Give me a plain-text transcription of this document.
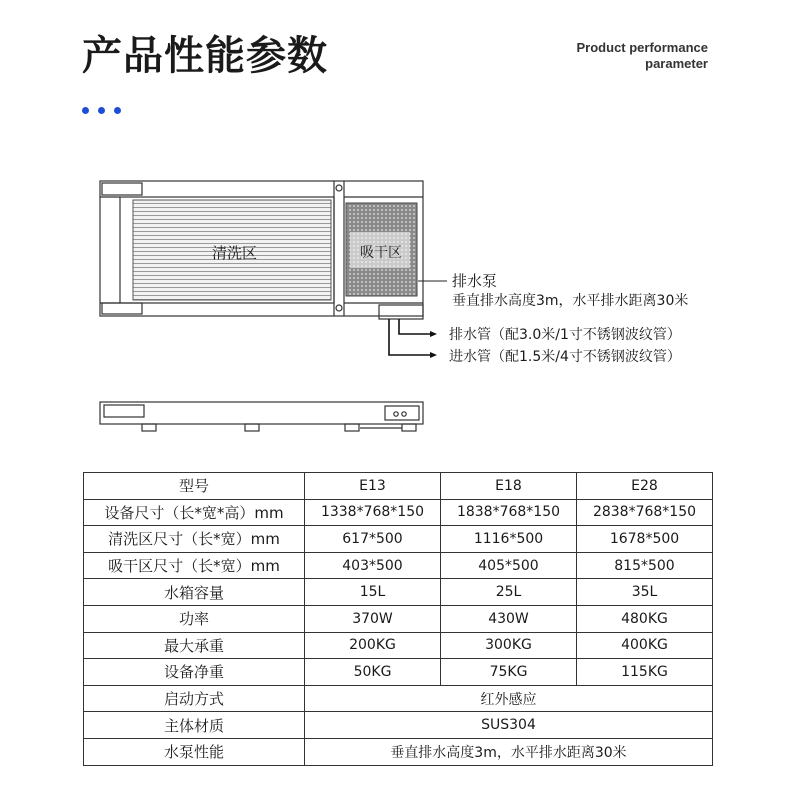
产品性能参数	Product performance
parameter
清洗区	吸干区
排水泵
垂直排水高度3m，水平排水距离30米
排水管（配3.0米/1寸不锈钢波纹管）
进水管（配1.5米/4寸不锈钢波纹管）
型号	E13	E18	E28
设备尺寸（长*宽*高）mm	1338*768*150	1838*768*150	2838*768*150
清洗区尺寸（长*宽）mm	617*500	1116*500	1678*500
吸干区尺寸（长*宽）mm	403*500	405*500	815*500
水箱容量	15L	25L	35L
功率	370W	430W	480KG
最大承重	200KG	300KG	400KG
设备净重	50KG	75KG	115KG
启动方式	红外感应		
主体材质	SUS304		
水泵性能	垂直排水高度3m，水平排水距离30米		
